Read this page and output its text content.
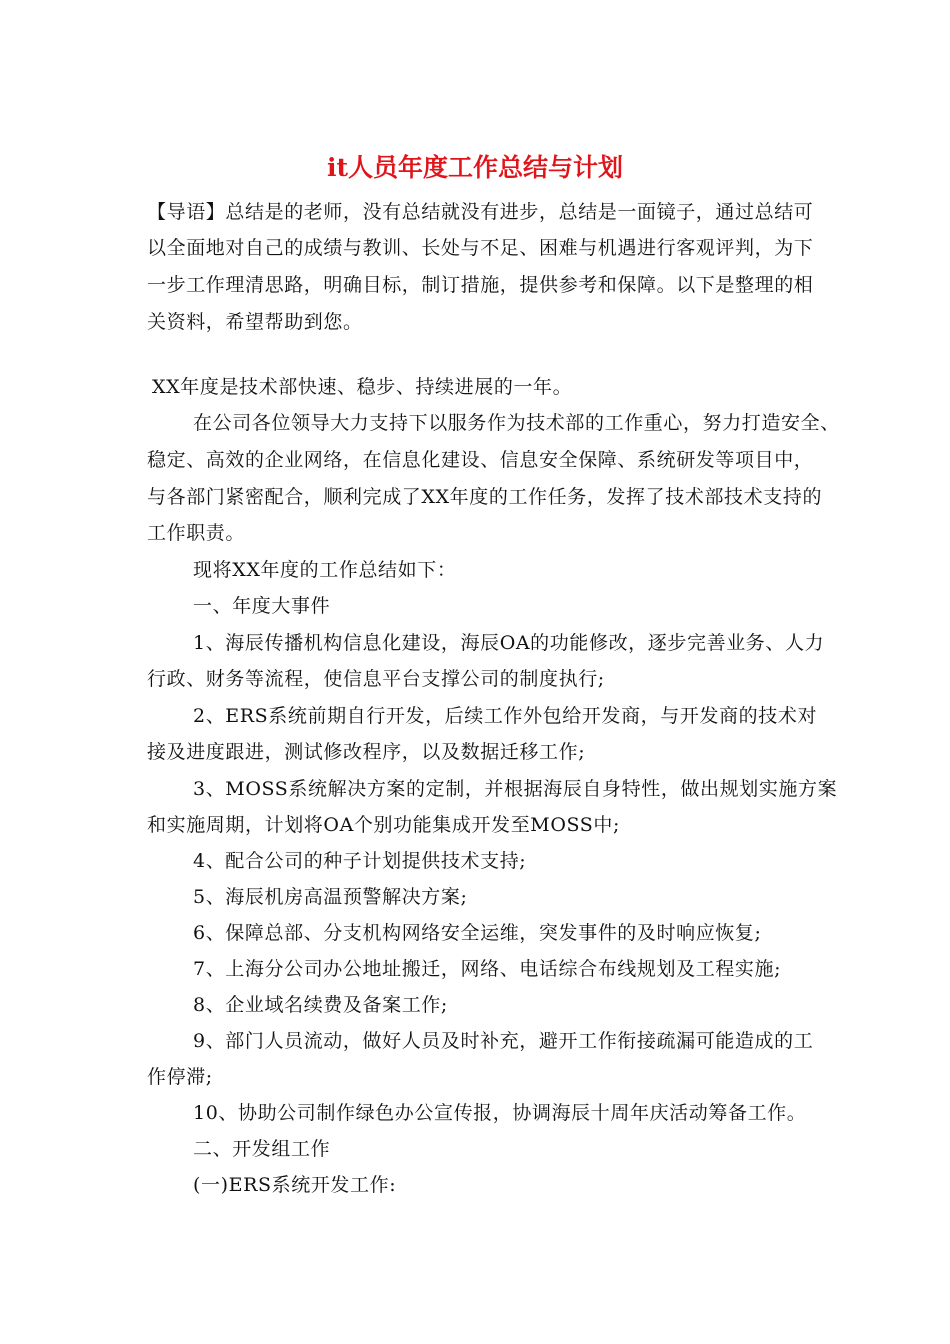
it人员年度工作总结与计划
【导语】总结是的老师，没有总结就没有进步，总结是一面镜子，通过总结可
以全面地对自己的成绩与教训、长处与不足、困难与机遇进行客观评判，为下
一步工作理清思路，明确目标，制订措施，提供参考和保障。以下是整理的相
关资料，希望帮助到您。
XX年度是技术部快速、稳步、持续进展的一年。
在公司各位领导大力支持下以服务作为技术部的工作重心，努力打造安全、
稳定、高效的企业网络，在信息化建设、信息安全保障、系统研发等项目中，
与各部门紧密配合，顺利完成了XX年度的工作任务，发挥了技术部技术支持的
工作职责。
现将XX年度的工作总结如下：
一、年度大事件
1、海辰传播机构信息化建设，海辰OA的功能修改，逐步完善业务、人力
行政、财务等流程，使信息平台支撑公司的制度执行;
2、ERS系统前期自行开发，后续工作外包给开发商，与开发商的技术对
接及进度跟进，测试修改程序，以及数据迁移工作;
3、MOSS系统解决方案的定制，并根据海辰自身特性，做出规划实施方案
和实施周期，计划将OA个别功能集成开发至MOSS中;
4、配合公司的种子计划提供技术支持;
5、海辰机房高温预警解决方案;
6、保障总部、分支机构网络安全运维，突发事件的及时响应恢复;
7、上海分公司办公地址搬迁，网络、电话综合布线规划及工程实施;
8、企业域名续费及备案工作;
9、部门人员流动，做好人员及时补充，避开工作衔接疏漏可能造成的工
作停滞;
10、协助公司制作绿色办公宣传报，协调海辰十周年庆活动筹备工作。
二、开发组工作
(一)ERS系统开发工作:
